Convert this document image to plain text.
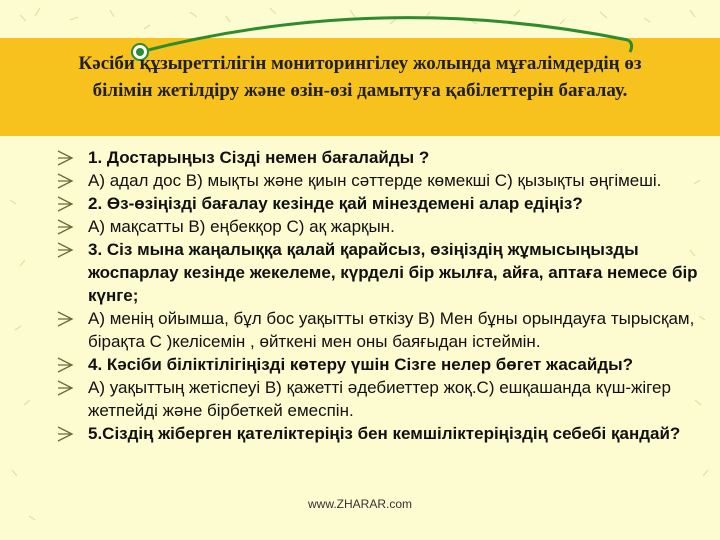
Кәсіби құзыреттілігін мониторингілеу жолында мұғалімдердің өз
білімін жетілдіру және өзін-өзі дамытуға қабілеттерін бағалау.
1. Достарыңыз Сізді немен бағалайды ?
A) адал дос B) мықты және қиын сәттерде көмекші C) қызықты әңгімеші.
2. Өз-өзіңізді бағалау кезінде қай мінездемені алар едіңіз?
A) мақсатты B) еңбекқор C) ақ жарқын.
3. Сіз мына жаңалыққа қалай қарайсыз, өзіңіздің жұмысыңызды жоспарлау кезінде жекелеме, күрделі бір жылға, айға, аптаға немесе бір күнге;
A) менің ойымша, бұл бос уақытты өткізу B) Мен бұны орындауға тырысқам, бірақта C )келісемін , өйткені мен оны баяғыдан істеймін.
4. Кәсіби біліктілігіңізді көтеру үшін Сізге нелер бөгет жасайды?
A) уақыттың жетіспеуі B) қажетті әдебиеттер жоқ.C) ешқашанда күш-жігер жетпейді және бірбеткей емеспін.
5.Сіздің жіберген қателіктеріңіз бен кемшіліктеріңіздің себебі қандай?
www.ZHARAR.com
